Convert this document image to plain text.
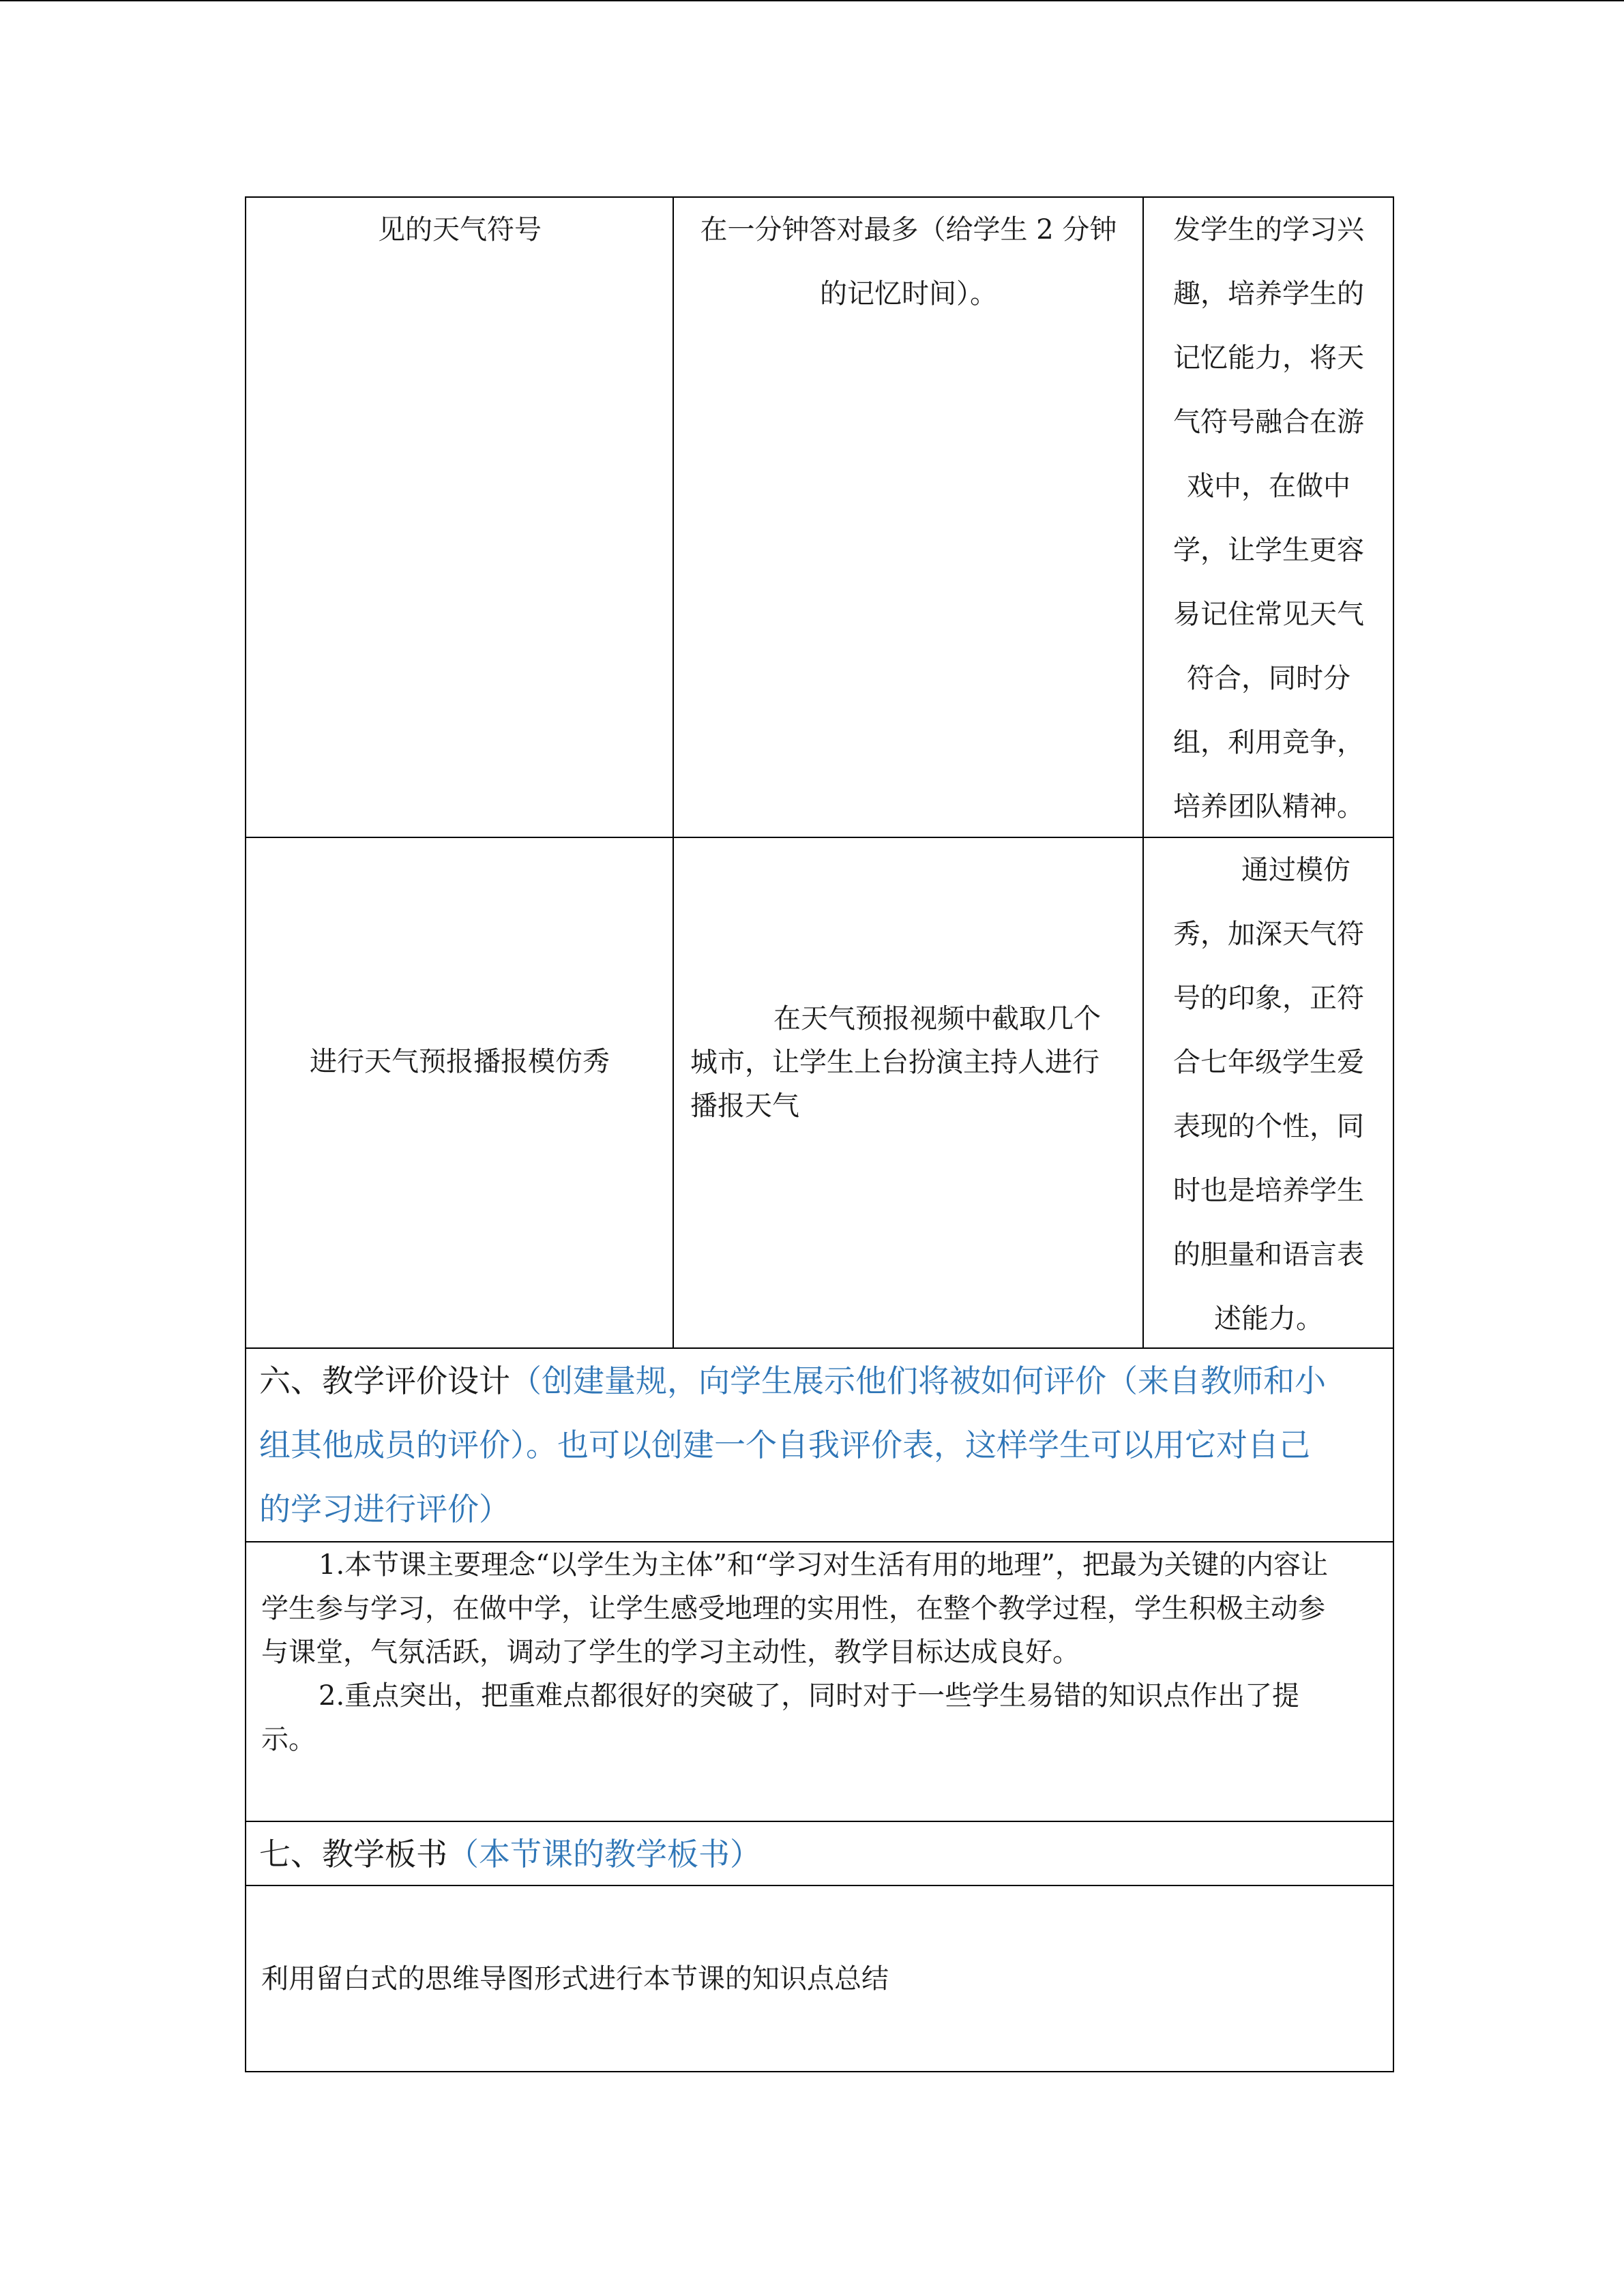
见的天气符号	在一分钟答对最多（给学生 2 分钟
的记忆时间）。
发学生的学习兴
趣，培养学生的
记忆能力，将天
气符号融合在游
戏中，在做中
学，让学生更容
易记住常见天气
符合，同时分
组，利用竞争，
培养团队精神。
进行天气预报播报模仿秀
在天气预报视频中截取几个
城市，让学生上台扮演主持人进行
播报天气
通过模仿
秀，加深天气符
号的印象，正符
合七年级学生爱
表现的个性，同
时也是培养学生
的胆量和语言表
述能力。
六、教学评价设计（创建量规，向学生展示他们将被如何评价（来自教师和小
组其他成员的评价）。也可以创建一个自我评价表，这样学生可以用它对自己
的学习进行评价）
1.本节课主要理念“以学生为主体”和“学习对生活有用的地理”，把最为关键的内容让
学生参与学习，在做中学，让学生感受地理的实用性，在整个教学过程，学生积极主动参
与课堂，气氛活跃，调动了学生的学习主动性，教学目标达成良好。
2.重点突出，把重难点都很好的突破了，同时对于一些学生易错的知识点作出了提
示。
七、教学板书（本节课的教学板书）
利用留白式的思维导图形式进行本节课的知识点总结
